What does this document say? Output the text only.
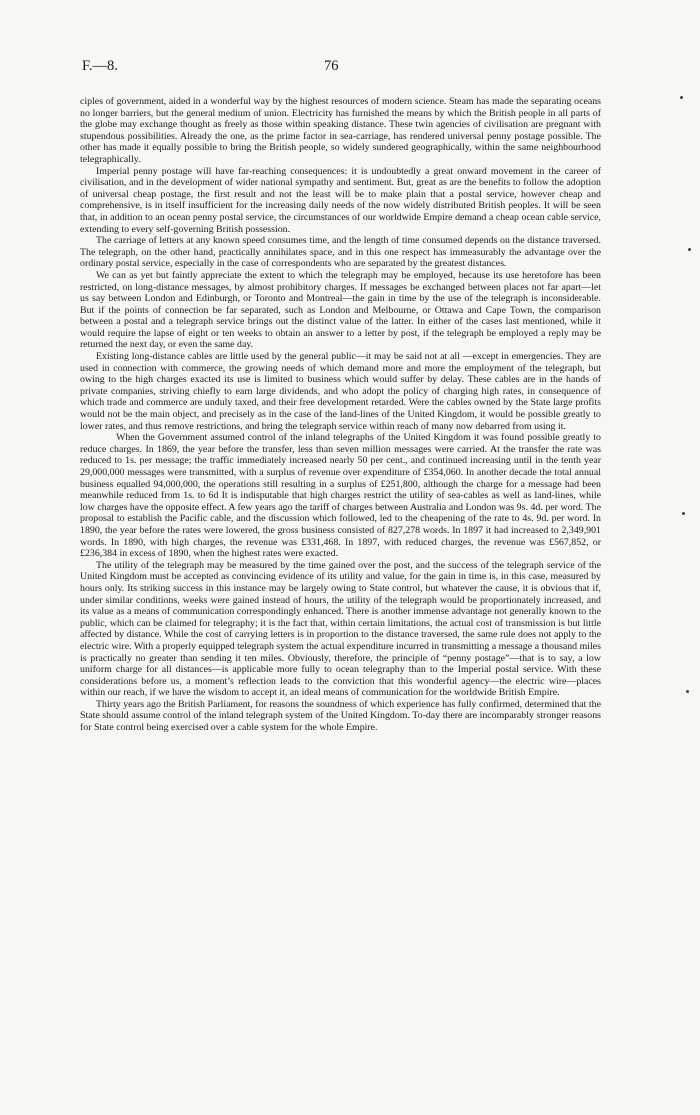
F.—8.	76

ciples of government, aided in a wonderful way by the highest resources of modern science. Steam has made the separating oceans no longer barriers, but the general medium of union. Electricity has furnished the means by which the British people in all parts of the globe may exchange thought as freely as those within speaking distance. These twin agencies of civilisation are pregnant with stupendous possibilities. Already the one, as the prime factor in sea-carriage, has rendered universal penny postage possible. The other has made it equally possible to bring the British people, so widely sundered geographically, within the same neighbourhood telegraphically.

Imperial penny postage will have far-reaching consequences: it is undoubtedly a great onward movement in the career of civilisation, and in the development of wider national sympathy and sentiment. But, great as are the benefits to follow the adoption of universal cheap postage, the first result and not the least will be to make plain that a postal service, however cheap and comprehensive, is in itself insufficient for the increasing daily needs of the now widely distributed British peoples. It will be seen that, in addition to an ocean penny postal service, the circumstances of our worldwide Empire demand a cheap ocean cable service, extending to every self-governing British possession.

The carriage of letters at any known speed consumes time, and the length of time consumed depends on the distance traversed. The telegraph, on the other hand, practically annihilates space, and in this one respect has immeasurably the advantage over the ordinary postal service, especially in the case of correspondents who are separated by the greatest distances.

We can as yet but faintly appreciate the extent to which the telegraph may be employed, because its use heretofore has been restricted, on long-distance messages, by almost prohibitory charges. If messages be exchanged between places not far apart—let us say between London and Edinburgh, or Toronto and Montreal—the gain in time by the use of the telegraph is inconsiderable. But if the points of connection be far separated, such as London and Melbourne, or Ottawa and Cape Town, the comparison between a postal and a telegraph service brings out the distinct value of the latter. In either of the cases last mentioned, while it would require the lapse of eight or ten weeks to obtain an answer to a letter by post, if the telegraph be employed a reply may be returned the next day, or even the same day.

Existing long-distance cables are little used by the general public—it may be said not at all —except in emergencies. They are used in connection with commerce, the growing needs of which demand more and more the employment of the telegraph, but owing to the high charges exacted its use is limited to business which would suffer by delay. These cables are in the hands of private companies, striving chiefly to earn large dividends, and who adopt the policy of charging high rates, in consequence of which trade and commerce are unduly taxed, and their free development retarded. Were the cables owned by the State large profits would not be the main object, and precisely as in the case of the land-lines of the United Kingdom, it would be possible greatly to lower rates, and thus remove restrictions, and bring the telegraph service within reach of many now debarred from using it.

When the Government assumed control of the inland telegraphs of the United Kingdom it was found possible greatly to reduce charges. In 1869, the year before the transfer, less than seven million messages were carried. At the transfer the rate was reduced to 1s. per message; the traffic immediately increased nearly 50 per cent., and continued increasing until in the tenth year 29,000,000 messages were transmitted, with a surplus of revenue over expenditure of £354,060. In another decade the total annual business equalled 94,000,000, the operations still resulting in a surplus of £251,800, although the charge for a message had been meanwhile reduced from 1s. to 6d It is indisputable that high charges restrict the utility of sea-cables as well as land-lines, while low charges have the opposite effect. A few years ago the tariff of charges between Australia and London was 9s. 4d. per word. The proposal to establish the Pacific cable, and the discussion which followed, led to the cheapening of the rate to 4s. 9d. per word. In 1890, the year before the rates were lowered, the gross business consisted of 827,278 words. In 1897 it had increased to 2,349,901 words. In 1890, with high charges, the revenue was £331,468. In 1897, with reduced charges, the revenue was £567,852, or £236,384 in excess of 1890, when the highest rates were exacted.

The utility of the telegraph may be measured by the time gained over the post, and the success of the telegraph service of the United Kingdom must be accepted as convincing evidence of its utility and value, for the gain in time is, in this case, measured by hours only. Its striking success in this instance may be largely owing to State control, but whatever the cause, it is obvious that if, under similar conditions, weeks were gained instead of hours, the utility of the telegraph would be proportionately increased, and its value as a means of communication correspondingly enhanced. There is another immense advantage not generally known to the public, which can be claimed for telegraphy; it is the fact that, within certain limitations, the actual cost of transmission is but little affected by distance. While the cost of carrying letters is in proportion to the distance traversed, the same rule does not apply to the electric wire. With a properly equipped telegraph system the actual expenditure incurred in transmitting a message a thousand miles is practically no greater than sending it ten miles. Obviously, therefore, the principle of “penny postage”—that is to say, a low uniform charge for all distances—is applicable more fully to ocean telegraphy than to the Imperial postal service. With these considerations before us, a moment’s reflection leads to the conviction that this wonderful agency—the electric wire—places within our reach, if we have the wisdom to accept it, an ideal means of communication for the worldwide British Empire.

Thirty years ago the British Parliament, for reasons the soundness of which experience has fully confirmed, determined that the State should assume control of the inland telegraph system of the United Kingdom. To-day there are incomparably stronger reasons for State control being exercised over a cable system for the whole Empire.
